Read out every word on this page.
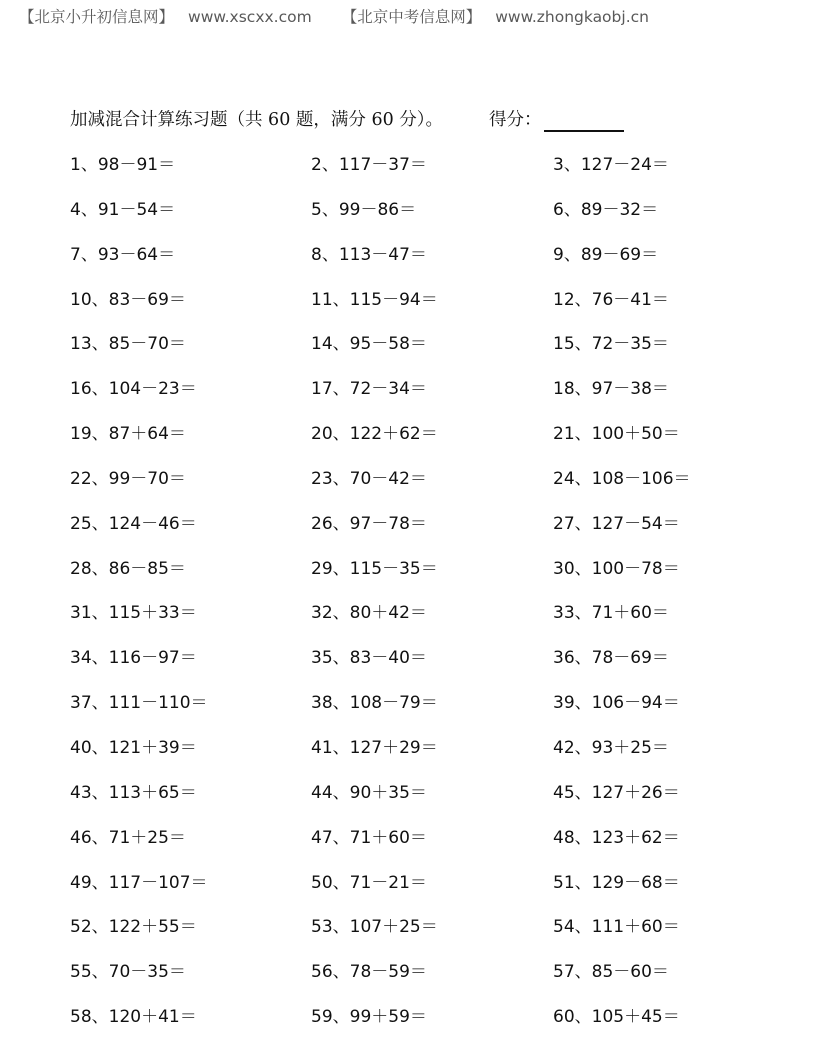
【北京小升初信息网】 www.xscxx.com 【北京中考信息网】 www.zhongkaobj.cn
加减混合计算练习题（共 60 题，满分 60 分）。	得分：
1、98－91＝	2、117－37＝	3、127－24＝
4、91－54＝	5、99－86＝	6、89－32＝
7、93－64＝	8、113－47＝	9、89－69＝
10、83－69＝	11、115－94＝	12、76－41＝
13、85－70＝	14、95－58＝	15、72－35＝
16、104－23＝	17、72－34＝	18、97－38＝
19、87＋64＝	20、122＋62＝	21、100＋50＝
22、99－70＝	23、70－42＝	24、108－106＝
25、124－46＝	26、97－78＝	27、127－54＝
28、86－85＝	29、115－35＝	30、100－78＝
31、115＋33＝	32、80＋42＝	33、71＋60＝
34、116－97＝	35、83－40＝	36、78－69＝
37、111－110＝	38、108－79＝	39、106－94＝
40、121＋39＝	41、127＋29＝	42、93＋25＝
43、113＋65＝	44、90＋35＝	45、127＋26＝
46、71＋25＝	47、71＋60＝	48、123＋62＝
49、117－107＝	50、71－21＝	51、129－68＝
52、122＋55＝	53、107＋25＝	54、111＋60＝
55、70－35＝	56、78－59＝	57、85－60＝
58、120＋41＝	59、99＋59＝	60、105＋45＝
